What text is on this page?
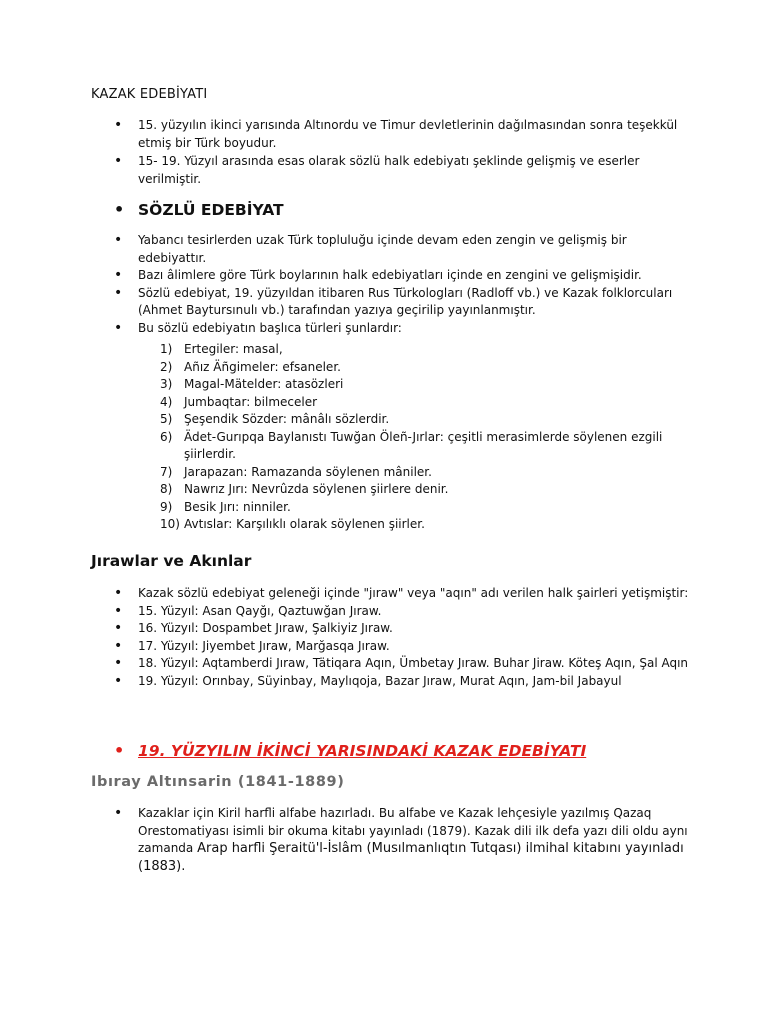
KAZAK EDEBİYATI
• 15. yüzyılın ikinci yarısında Altınordu ve Timur devletlerinin dağılmasından sonra teşekkül etmiş bir Türk boyudur.
• 15- 19. Yüzyıl arasında esas olarak sözlü halk edebiyatı şeklinde gelişmiş ve eserler verilmiştir.
• SÖZLÜ EDEBİYAT
• Yabancı tesirlerden uzak Türk topluluğu içinde devam eden zengin ve gelişmiş bir edebiyattır.
• Bazı âlimlere göre Türk boylarının halk edebiyatları içinde en zengini ve gelişmişidir.
• Sözlü edebiyat, 19. yüzyıldan itibaren Rus Türkologları (Radloff vb.) ve Kazak folklorcuları (Ahmet Baytursınulı vb.) tarafından yazıya geçirilip yayınlanmıştır.
• Bu sözlü edebiyatın başlıca türleri şunlardır:
1) Ertegiler: masal,
2) Añız Äñgimeler: efsaneler.
3) Magal-Mätelder: atasözleri
4) Jumbaqtar: bilmeceler
5) Şeşendik Sözder: mânâlı sözlerdir.
6) Ädet-Gurıpqa Baylanıstı Tuwğan Öleñ-Jırlar: çeşitli merasimlerde söylenen ezgili şiirlerdir.
7) Jarapazan: Ramazanda söylenen mâniler.
8) Nawrız Jırı: Nevrûzda söylenen şiirlere denir.
9) Besik Jırı: ninniler.
10) Avtıslar: Karşılıklı olarak söylenen şiirler.
Jırawlar ve Akınlar
• Kazak sözlü edebiyat geleneği içinde "jıraw" veya "aqın" adı verilen halk şairleri yetişmiştir:
• 15. Yüzyıl: Asan Qayğı, Qaztuwğan Jıraw.
• 16. Yüzyıl: Dospambet Jıraw, Şalkiyiz Jıraw.
• 17. Yüzyıl: Jiyembet Jıraw, Marğasqa Jıraw.
• 18. Yüzyıl: Aqtamberdi Jıraw, Tätiqara Aqın, Ümbetay Jıraw. Buhar Jiraw. Köteş Aqın, Şal Aqın
• 19. Yüzyıl: Orınbay, Süyinbay, Maylıqoja, Bazar Jıraw, Murat Aqın, Jam-bil Jabayul
• 19. YÜZYILIN İKİNCİ YARISINDAKİ KAZAK EDEBİYATI
Ibıray Altınsarin (1841-1889)
• Kazaklar için Kiril harfli alfabe hazırladı. Bu alfabe ve Kazak lehçesiyle yazılmış Qazaq Orestomatiyası isimli bir okuma kitabı yayınladı (1879). Kazak dili ilk defa yazı dili oldu aynı zamanda Arap harfli Şeraitü'l-İslâm (Musılmanlıqtın Tutqası) ilmihal kitabını yayınladı (1883).
